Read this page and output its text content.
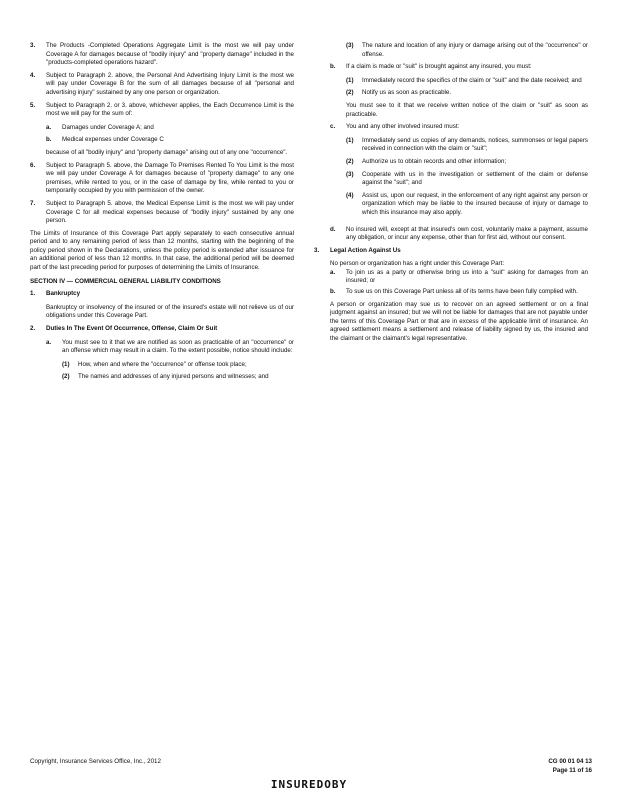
3.	The Products -Completed Operations Aggregate Limit is the most we will pay under Coverage A for damages because of "bodily injury" and "property damage" included in the "products-completed operations hazard".

4.	Subject to Paragraph 2. above, the Personal And Advertising Injury Limit is the most we will pay under Coverage B for the sum of all damages because of all "personal and advertising injury" sustained by any one person or organization.

5.	Subject to Paragraph 2. or 3. above, whichever applies, the Each Occurrence Limit is the most we will pay for the sum of:

a.	Damages under Coverage A; and

b.	Medical expenses under Coverage C

because of all "bodily injury" and "property damage" arising out of any one "occurrence".

6.	Subject to Paragraph 5. above, the Damage To Premises Rented To You Limit is the most we will pay under Coverage A for damages because of "property damage" to any one premises, while rented to you, or in the case of damage by fire, while rented to you or temporarily occupied by you with permission of the owner.

7.	Subject to Paragraph 5. above, the Medical Expense Limit is the most we will pay under Coverage C for all medical expenses because of "bodily injury" sustained by any one person.

The Limits of Insurance of this Coverage Part apply separately to each consecutive annual period and to any remaining period of less than 12 months, starting with the beginning of the policy period shown in the Declarations, unless the policy period is extended after issuance for an additional period of less than 12 months. In that case, the additional period will be deemed part of the last preceding period for purposes of determining the Limits of Insurance.

SECTION IV — COMMERCIAL GENERAL LIABILITY CONDITIONS
1.	Bankruptcy

Bankruptcy or insolvency of the insured or of the insured's estate will not relieve us of our obligations under this Coverage Part.

2.	Duties In The Event Of Occurrence, Offense, Claim Or Suit

a.	You must see to it that we are notified as soon as practicable of an "occurrence" or an offense which may result in a claim. To the extent possible, notice should include:

(1)	How, when and where the "occurrence" or offense took place;

(2)	The names and addresses of any injured persons and witnesses; and

(3)	The nature and location of any injury or damage arising out of the "occurrence" or offense.

b.	If a claim is made or "suit" is brought against any insured, you must:

(1)	Immediately record the specifics of the claim or "suit" and the date received; and

(2)	Notify us as soon as practicable.

You must see to it that we receive written notice of the claim or "suit" as soon as practicable.

c.	You and any other involved insured must:

(1)	Immediately send us copies of any demands, notices, summonses or legal papers received in connection with the claim or "suit";

(2)	Authorize us to obtain records and other information;

(3)	Cooperate with us in the investigation or settlement of the claim or defense against the "suit"; and

(4)	Assist us, upon our request, in the enforcement of any right against any person or organization which may be liable to the insured because of injury or damage to which this insurance may also apply.

d.	No insured will, except at that insured's own cost, voluntarily make a payment, assume any obligation, or incur any expense, other than for first aid, without our consent.

3.	Legal Action Against Us

No person or organization has a right under this Coverage Part:

a.	To join us as a party or otherwise bring us into a "suit" asking for damages from an insured; or

b.	To sue us on this Coverage Part unless all of its terms have been fully complied with.

A person or organization may sue us to recover on an agreed settlement or on a final judgment against an insured; but we will not be liable for damages that are not payable under the terms of this Coverage Part or that are in excess of the applicable limit of insurance. An agreed settlement means a settlement and release of liability signed by us, the insured and the claimant or the claimant's legal representative.

Copyright, Insurance Services Office, Inc., 2012	CG 00 01 04 13
Page 11 of 16
INSUREDOBY
